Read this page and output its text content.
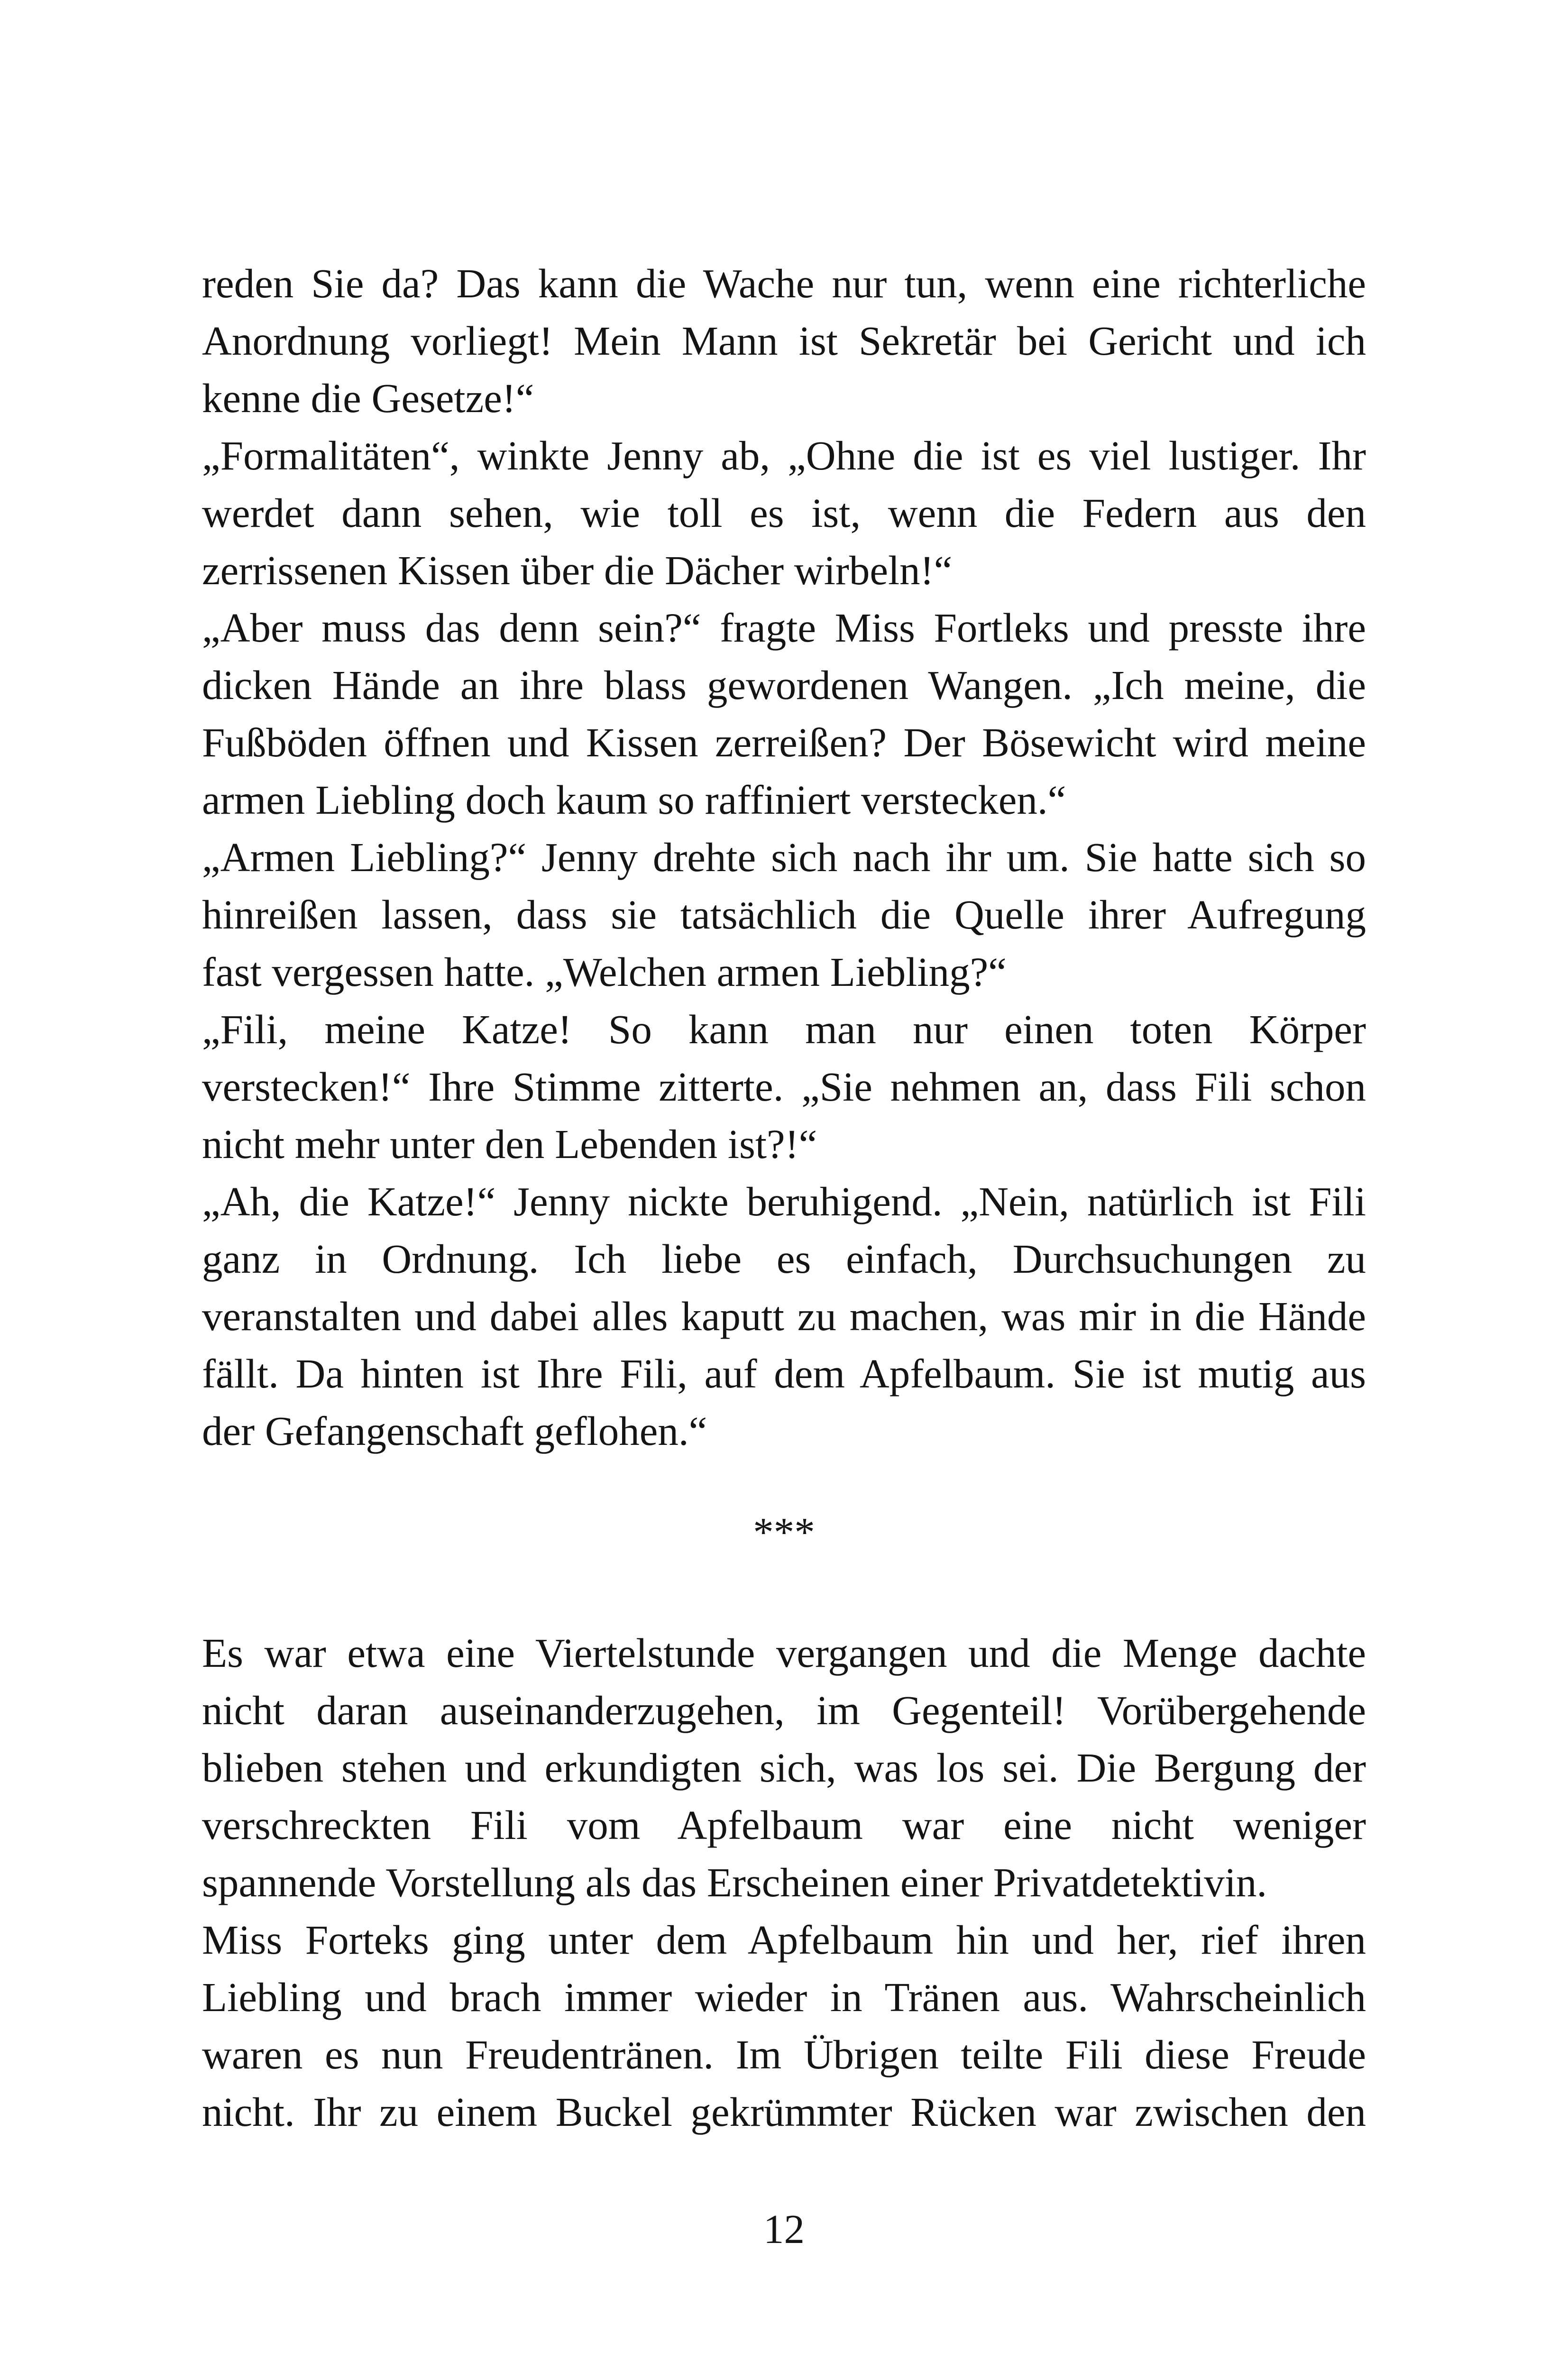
reden Sie da? Das kann die Wache nur tun, wenn eine richterliche
Anordnung vorliegt! Mein Mann ist Sekretär bei Gericht und ich
kenne die Gesetze!“
„Formalitäten“, winkte Jenny ab, „Ohne die ist es viel lustiger. Ihr
werdet dann sehen, wie toll es ist, wenn die Federn aus den
zerrissenen Kissen über die Dächer wirbeln!“
„Aber muss das denn sein?“ fragte Miss Fortleks und presste ihre
dicken Hände an ihre blass gewordenen Wangen. „Ich meine, die
Fußböden öffnen und Kissen zerreißen? Der Bösewicht wird meine
armen Liebling doch kaum so raffiniert verstecken.“
„Armen Liebling?“ Jenny drehte sich nach ihr um. Sie hatte sich so
hinreißen lassen, dass sie tatsächlich die Quelle ihrer Aufregung
fast vergessen hatte. „Welchen armen Liebling?“
„Fili, meine Katze! So kann man nur einen toten Körper
verstecken!“ Ihre Stimme zitterte. „Sie nehmen an, dass Fili schon
nicht mehr unter den Lebenden ist?!“
„Ah, die Katze!“ Jenny nickte beruhigend. „Nein, natürlich ist Fili
ganz in Ordnung. Ich liebe es einfach, Durchsuchungen zu
veranstalten und dabei alles kaputt zu machen, was mir in die Hände
fällt. Da hinten ist Ihre Fili, auf dem Apfelbaum. Sie ist mutig aus
der Gefangenschaft geflohen.“
***
Es war etwa eine Viertelstunde vergangen und die Menge dachte
nicht daran auseinanderzugehen, im Gegenteil! Vorübergehende
blieben stehen und erkundigten sich, was los sei. Die Bergung der
verschreckten Fili vom Apfelbaum war eine nicht weniger
spannende Vorstellung als das Erscheinen einer Privatdetektivin.
Miss Forteks ging unter dem Apfelbaum hin und her, rief ihren
Liebling und brach immer wieder in Tränen aus. Wahrscheinlich
waren es nun Freudentränen. Im Übrigen teilte Fili diese Freude
nicht. Ihr zu einem Buckel gekrümmter Rücken war zwischen den
12
